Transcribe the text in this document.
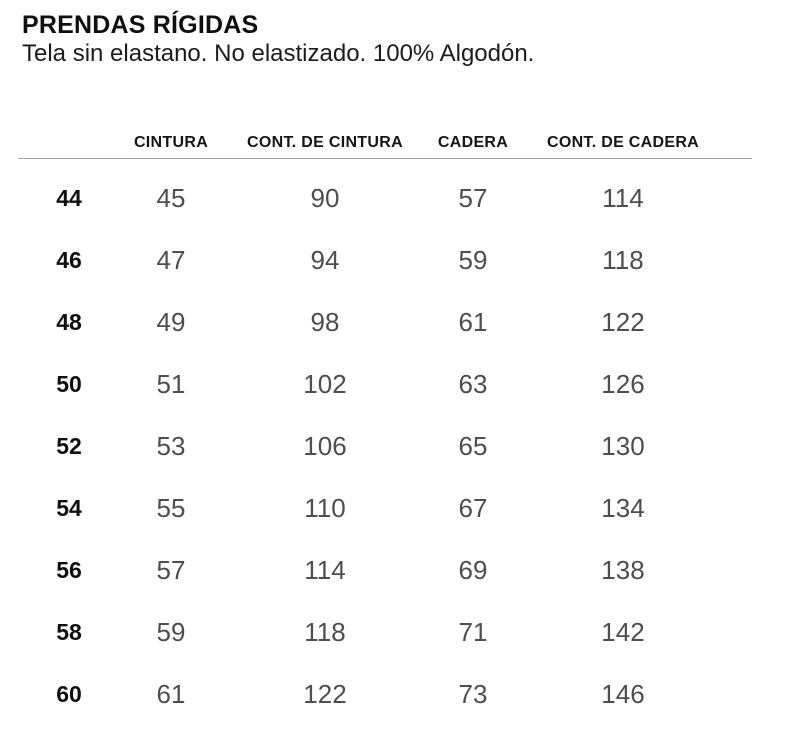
PRENDAS RÍGIDAS

Tela sin elastano. No elastizado. 100% Algodón.

	CINTURA	CONT. DE CINTURA	CADERA	CONT. DE CADERA	
44	45	90	57	114	
46	47	94	59	118	
48	49	98	61	122	
50	51	102	63	126	
52	53	106	65	130	
54	55	110	67	134	
56	57	114	69	138	
58	59	118	71	142	
60	61	122	73	146	
